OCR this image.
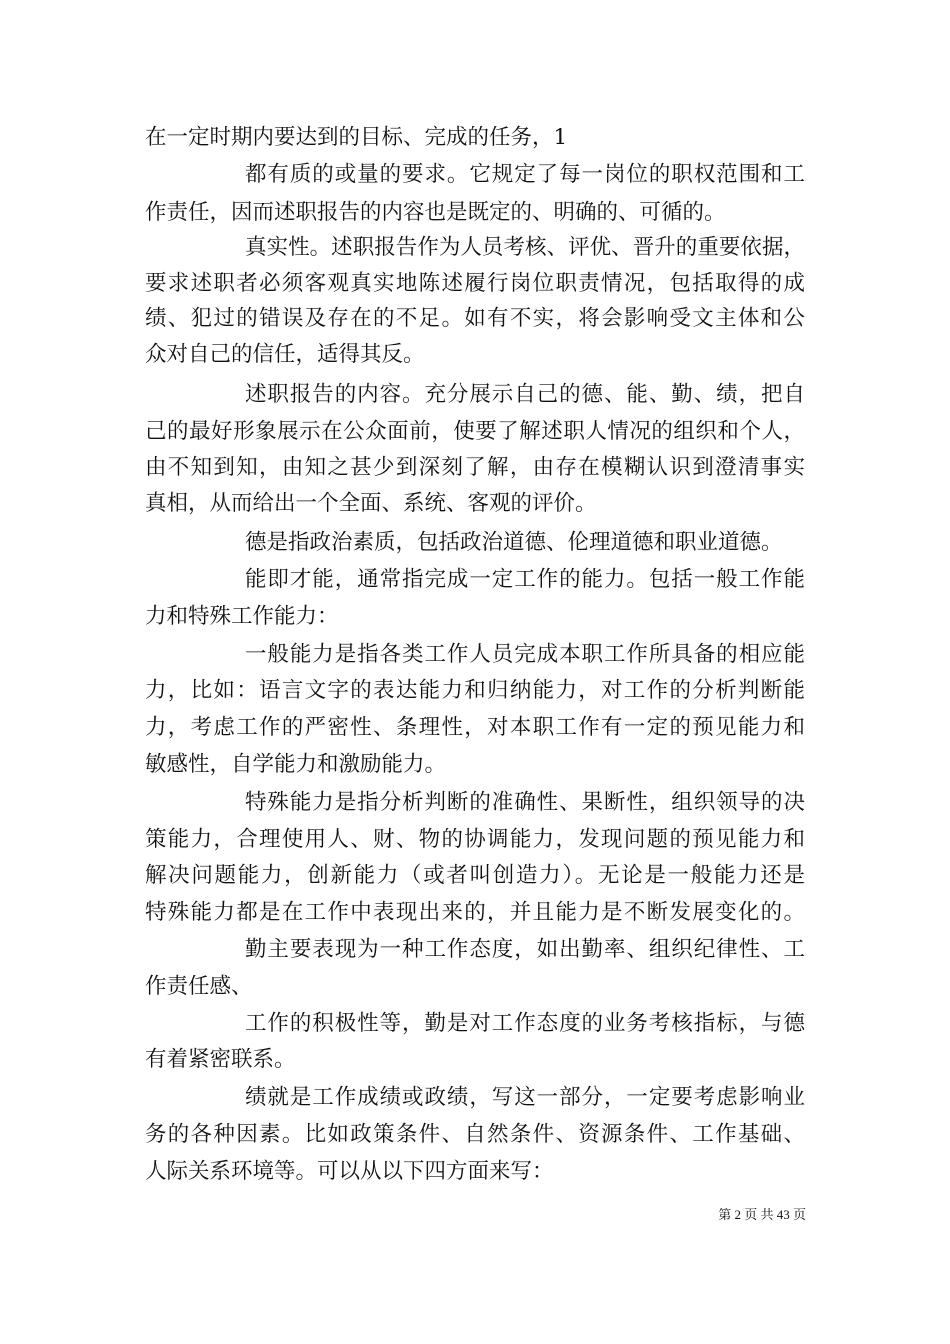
在一定时期内要达到的目标、完成的任务，1
都有质的或量的要求。它规定了每一岗位的职权范围和工
作责任，因而述职报告的内容也是既定的、明确的、可循的。
真实性。述职报告作为人员考核、评优、晋升的重要依据，
要求述职者必须客观真实地陈述履行岗位职责情况，包括取得的成
绩、犯过的错误及存在的不足。如有不实，将会影响受文主体和公
众对自己的信任，适得其反。
述职报告的内容。充分展示自己的德、能、勤、绩，把自
己的最好形象展示在公众面前，使要了解述职人情况的组织和个人，
由不知到知，由知之甚少到深刻了解，由存在模糊认识到澄清事实
真相，从而给出一个全面、系统、客观的评价。
德是指政治素质，包括政治道德、伦理道德和职业道德。
能即才能，通常指完成一定工作的能力。包括一般工作能
力和特殊工作能力：
一般能力是指各类工作人员完成本职工作所具备的相应能
力，比如：语言文字的表达能力和归纳能力，对工作的分析判断能
力，考虑工作的严密性、条理性，对本职工作有一定的预见能力和
敏感性，自学能力和激励能力。
特殊能力是指分析判断的准确性、果断性，组织领导的决
策能力，合理使用人、财、物的协调能力，发现问题的预见能力和
解决问题能力，创新能力（或者叫创造力）。无论是一般能力还是
特殊能力都是在工作中表现出来的，并且能力是不断发展变化的。
勤主要表现为一种工作态度，如出勤率、组织纪律性、工
作责任感、
工作的积极性等，勤是对工作态度的业务考核指标，与德
有着紧密联系。
绩就是工作成绩或政绩，写这一部分，一定要考虑影响业
务的各种因素。比如政策条件、自然条件、资源条件、工作基础、
人际关系环境等。可以从以下四方面来写：
第 2 页 共 43 页
